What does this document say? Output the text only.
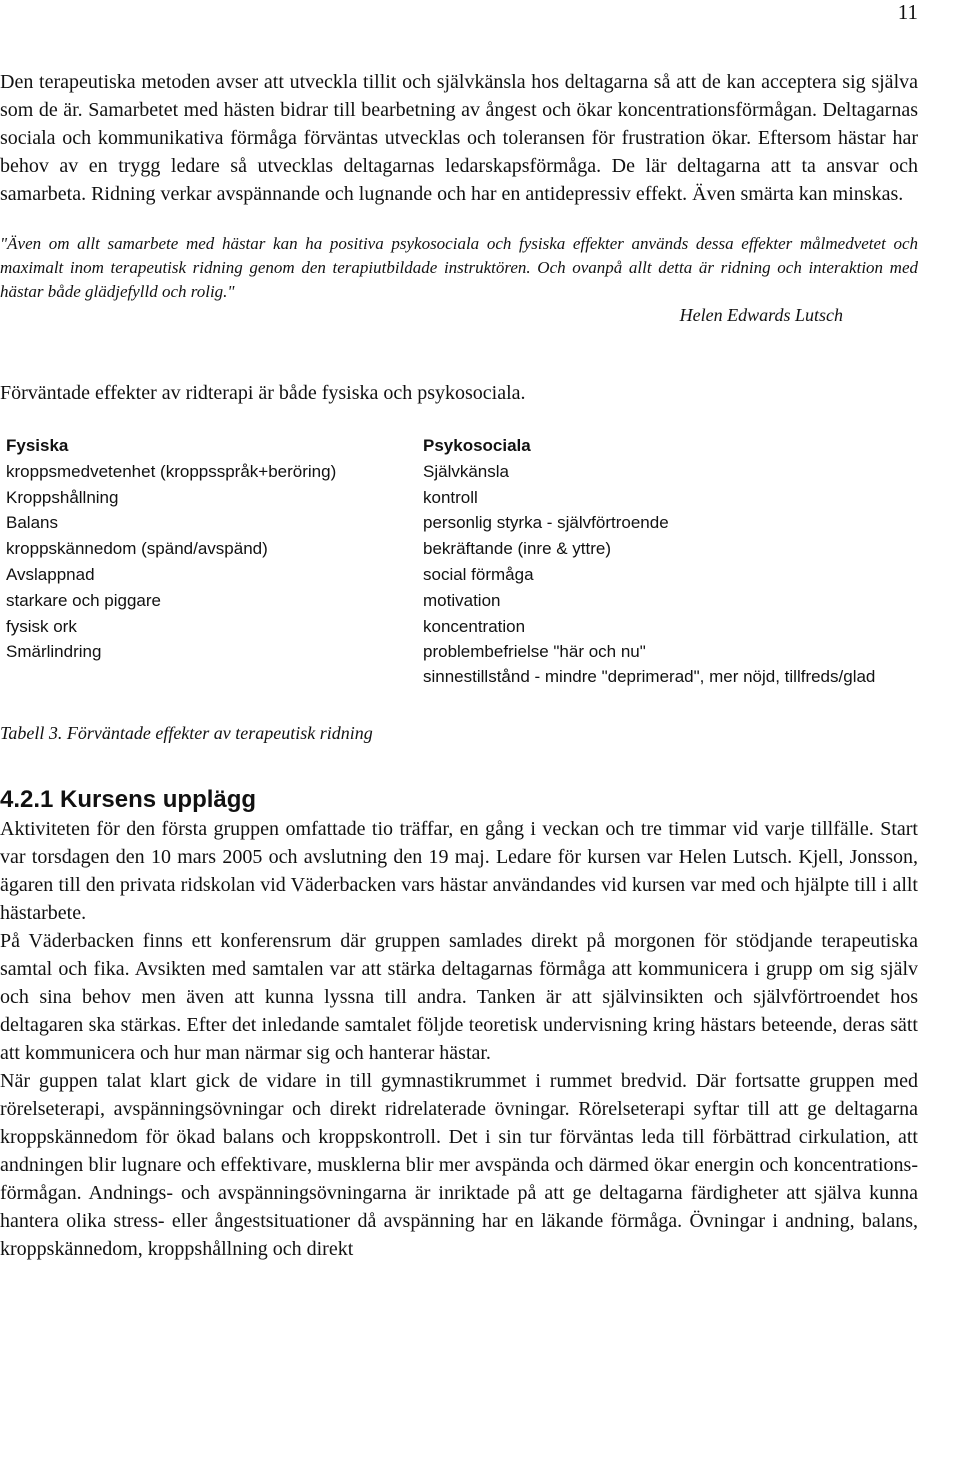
11

Den terapeutiska metoden avser att utveckla tillit och självkänsla hos deltagarna så att de kan acceptera sig själva som de är. Samarbetet med hästen bidrar till bearbetning av ångest och ökar koncentrationsförmågan. Deltagarnas sociala och kommunikativa förmåga förväntas utvecklas och toleransen för frustration ökar. Eftersom hästar har behov av en trygg ledare så utvecklas deltagarnas ledarskapsförmåga. De lär deltagarna att ta ansvar och samarbeta. Ridning verkar avspännande och lugnande och har en antidepressiv effekt. Även smärta kan minskas.

"Även om allt samarbete med hästar kan ha positiva psykosociala och fysiska effekter används dessa effekter målmedvetet och maximalt inom terapeutisk ridning genom den terapiutbildade instruktören. Och ovanpå allt detta är ridning och interaktion med hästar både glädjefylld och rolig."
Helen Edwards Lutsch
Förväntade effekter av ridterapi är både fysiska och psykosociala.
Fysiska
kroppsmedvetenhet (kroppsspråk+beröring)
Kroppshållning
Balans
kroppskännedom (spänd/avspänd)
Avslappnad
starkare och piggare
fysisk ork
Smärlindring
Psykosociala
Självkänsla
kontroll
personlig styrka - självförtroende
bekräftande (inre & yttre)
social förmåga
motivation
koncentration
problembefrielse "här och nu"
sinnestillstånd - mindre "deprimerad", mer nöjd, tillfreds/glad
Tabell 3. Förväntade effekter av terapeutisk ridning
4.2.1 Kursens upplägg

Aktiviteten för den första gruppen omfattade tio träffar, en gång i veckan och tre timmar vid varje tillfälle. Start var torsdagen den 10 mars 2005 och avslutning den 19 maj. Ledare för kursen var Helen Lutsch. Kjell, Jonsson, ägaren till den privata ridskolan vid Väderbacken vars hästar användandes vid kursen var med och hjälpte till i allt hästarbete.

På Väderbacken finns ett konferensrum där gruppen samlades direkt på morgonen för stödjande terapeutiska samtal och fika. Avsikten med samtalen var att stärka deltagarnas förmåga att kommunicera i grupp om sig själv och sina behov men även att kunna lyssna till andra. Tanken är att självinsikten och självförtroendet hos deltagaren ska stärkas. Efter det inledande samtalet följde teoretisk undervisning kring hästars beteende, deras sätt att kommunicera och hur man närmar sig och hanterar hästar.

När guppen talat klart gick de vidare in till gymnastikrummet i rummet bredvid. Där fortsatte gruppen med rörelseterapi, avspänningsövningar och direkt ridrelaterade övningar. Rörelseterapi syftar till att ge deltagarna kroppskännedom för ökad balans och kroppskontroll. Det i sin tur förväntas leda till förbättrad cirkulation, att andningen blir lugnare och effektivare, musklerna blir mer avspända och därmed ökar energin och koncentrations-förmågan. Andnings- och avspänningsövningarna är inriktade på att ge deltagarna färdigheter att själva kunna hantera olika stress- eller ångestsituationer då avspänning har en läkande förmåga. Övningar i andning, balans, kroppskännedom, kroppshållning och direkt
